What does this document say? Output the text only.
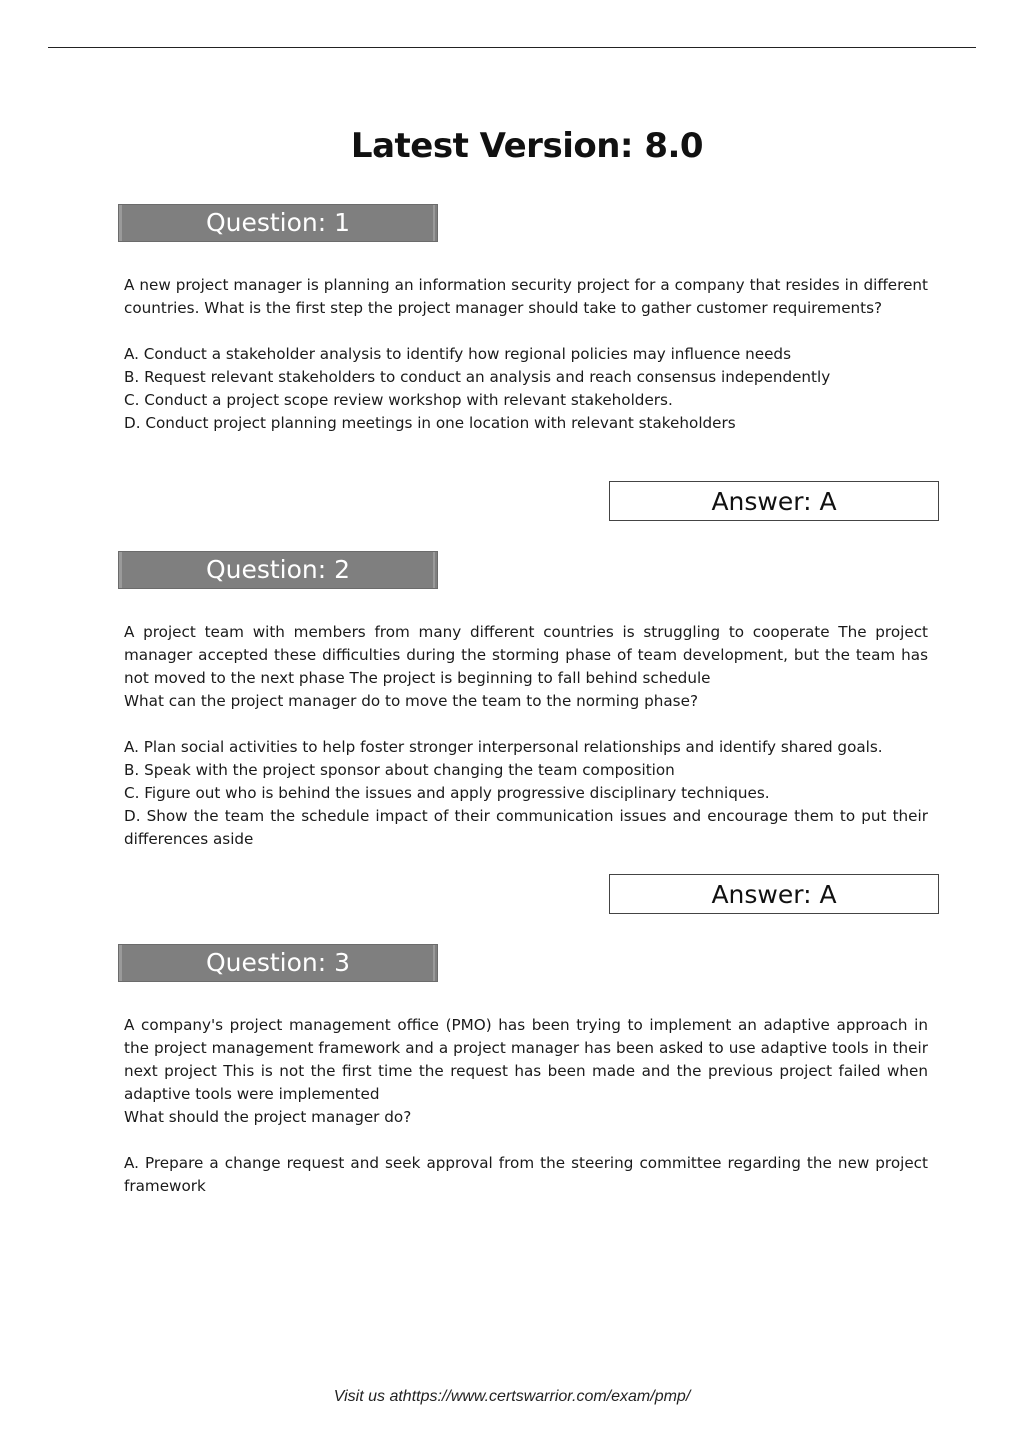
Latest Version: 8.0
Question: 1

A new project manager is planning an information security project for a company that resides in different countries. What is the first step the project manager should take to gather customer requirements?

A. Conduct a stakeholder analysis to identify how regional policies may influence needs

B. Request relevant stakeholders to conduct an analysis and reach consensus independently

C. Conduct a project scope review workshop with relevant stakeholders.

D. Conduct project planning meetings in one location with relevant stakeholders

Answer: A
Question: 2

A project team with members from many different countries is struggling to cooperate The project manager accepted these difficulties during the storming phase of team development, but the team has not moved to the next phase The project is beginning to fall behind schedule

What can the project manager do to move the team to the norming phase?

A. Plan social activities to help foster stronger interpersonal relationships and identify shared goals.

B. Speak with the project sponsor about changing the team composition

C. Figure out who is behind the issues and apply progressive disciplinary techniques.

D. Show the team the schedule impact of their communication issues and encourage them to put their differences aside

Answer: A
Question: 3

A company's project management office (PMO) has been trying to implement an adaptive approach in the project management framework and a project manager has been asked to use adaptive tools in their next project This is not the first time the request has been made and the previous project failed when adaptive tools were implemented

What should the project manager do?

A. Prepare a change request and seek approval from the steering committee regarding the new project framework

Visit us athttps://www.certswarrior.com/exam/pmp/
